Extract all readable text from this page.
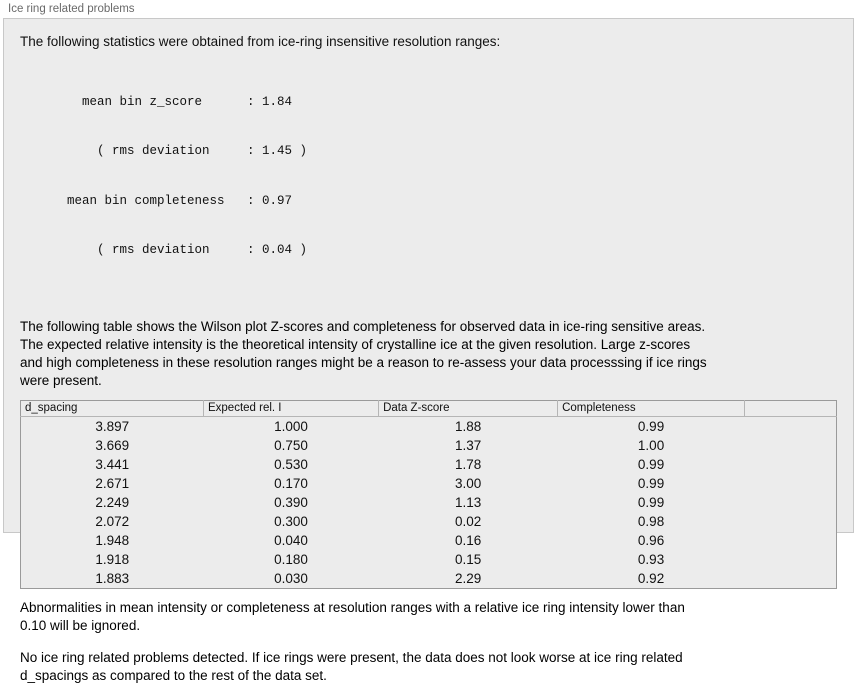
Ice ring related problems
The following statistics were obtained from ice-ring insensitive resolution ranges:

mean bin z_score      : 1.84

( rms deviation     : 1.45 )

mean bin completeness   : 0.97

( rms deviation     : 0.04 )

The following table shows the Wilson plot Z-scores and completeness for observed data in ice-ring sensitive areas.
The expected relative intensity is the theoretical intensity of crystalline ice at the given resolution. Large z-scores
and high completeness in these resolution ranges might be a reason to re-assess your data processsing if ice rings
were present.
d_spacing	Expected rel. I	Data Z-score	Completeness	
3.897	1.000	1.88	0.99	
3.669	0.750	1.37	1.00	
3.441	0.530	1.78	0.99	
2.671	0.170	3.00	0.99	
2.249	0.390	1.13	0.99	
2.072	0.300	0.02	0.98	
1.948	0.040	0.16	0.96	
1.918	0.180	0.15	0.93	
1.883	0.030	2.29	0.92	
Abnormalities in mean intensity or completeness at resolution ranges with a relative ice ring intensity lower than
0.10 will be ignored.
No ice ring related problems detected. If ice rings were present, the data does not look worse at ice ring related
d_spacings as compared to the rest of the data set.
